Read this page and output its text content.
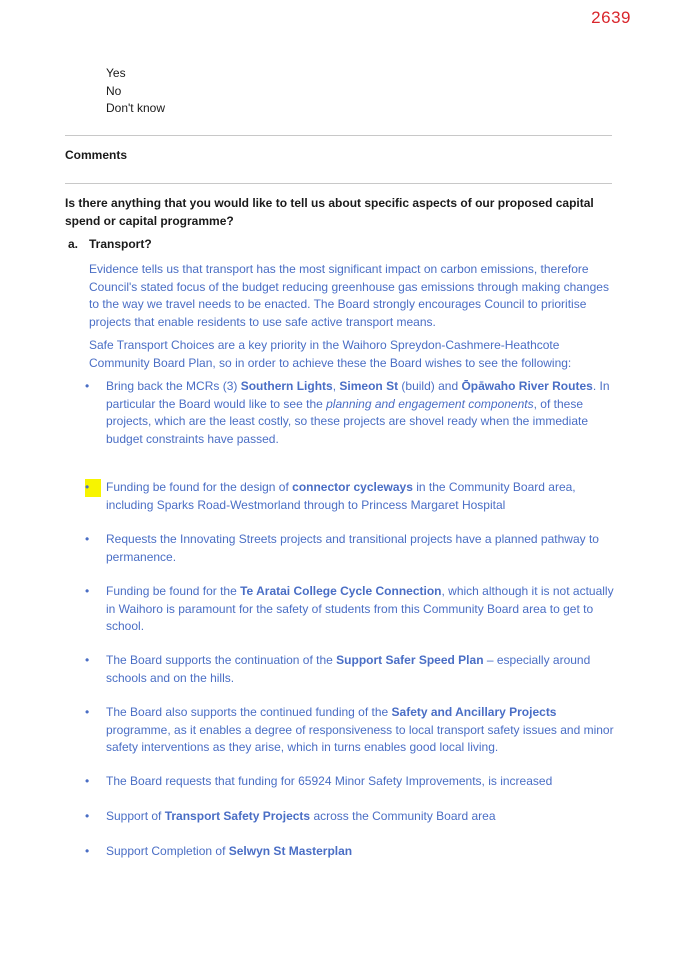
2639
Yes
No
Don't know
Comments
Is there anything that you would like to tell us about specific aspects of our proposed capital spend or capital programme?
a. Transport?
Evidence tells us that transport has the most significant impact on carbon emissions, therefore Council's stated focus of the budget reducing greenhouse gas emissions through making changes to the way we travel needs to be enacted. The Board strongly encourages Council to prioritise projects that enable residents to use safe active transport means.
Safe Transport Choices are a key priority in the Waihoro Spreydon-Cashmere-Heathcote Community Board Plan, so in order to achieve these the Board wishes to see the following:
•	Bring back the MCRs (3) Southern Lights, Simeon St (build) and Ōpāwaho River Routes. In particular the Board would like to see the planning and engagement components, of these projects, which are the least costly, so these projects are shovel ready when the immediate budget constraints have passed.
•	Funding be found for the design of connector cycleways in the Community Board area, including Sparks Road-Westmorland through to Princess Margaret Hospital
•	Requests the Innovating Streets projects and transitional projects have a planned pathway to permanence.
•	Funding be found for the Te Aratai College Cycle Connection, which although it is not actually in Waihoro is paramount for the safety of students from this Community Board area to get to school.
•	The Board supports the continuation of the Support Safer Speed Plan – especially around schools and on the hills.
•	The Board also supports the continued funding of the Safety and Ancillary Projects programme, as it enables a degree of responsiveness to local transport safety issues and minor safety interventions as they arise, which in turns enables good local living.
•	The Board requests that funding for 65924 Minor Safety Improvements, is increased
•	Support of Transport Safety Projects across the Community Board area
•	Support Completion of Selwyn St Masterplan
